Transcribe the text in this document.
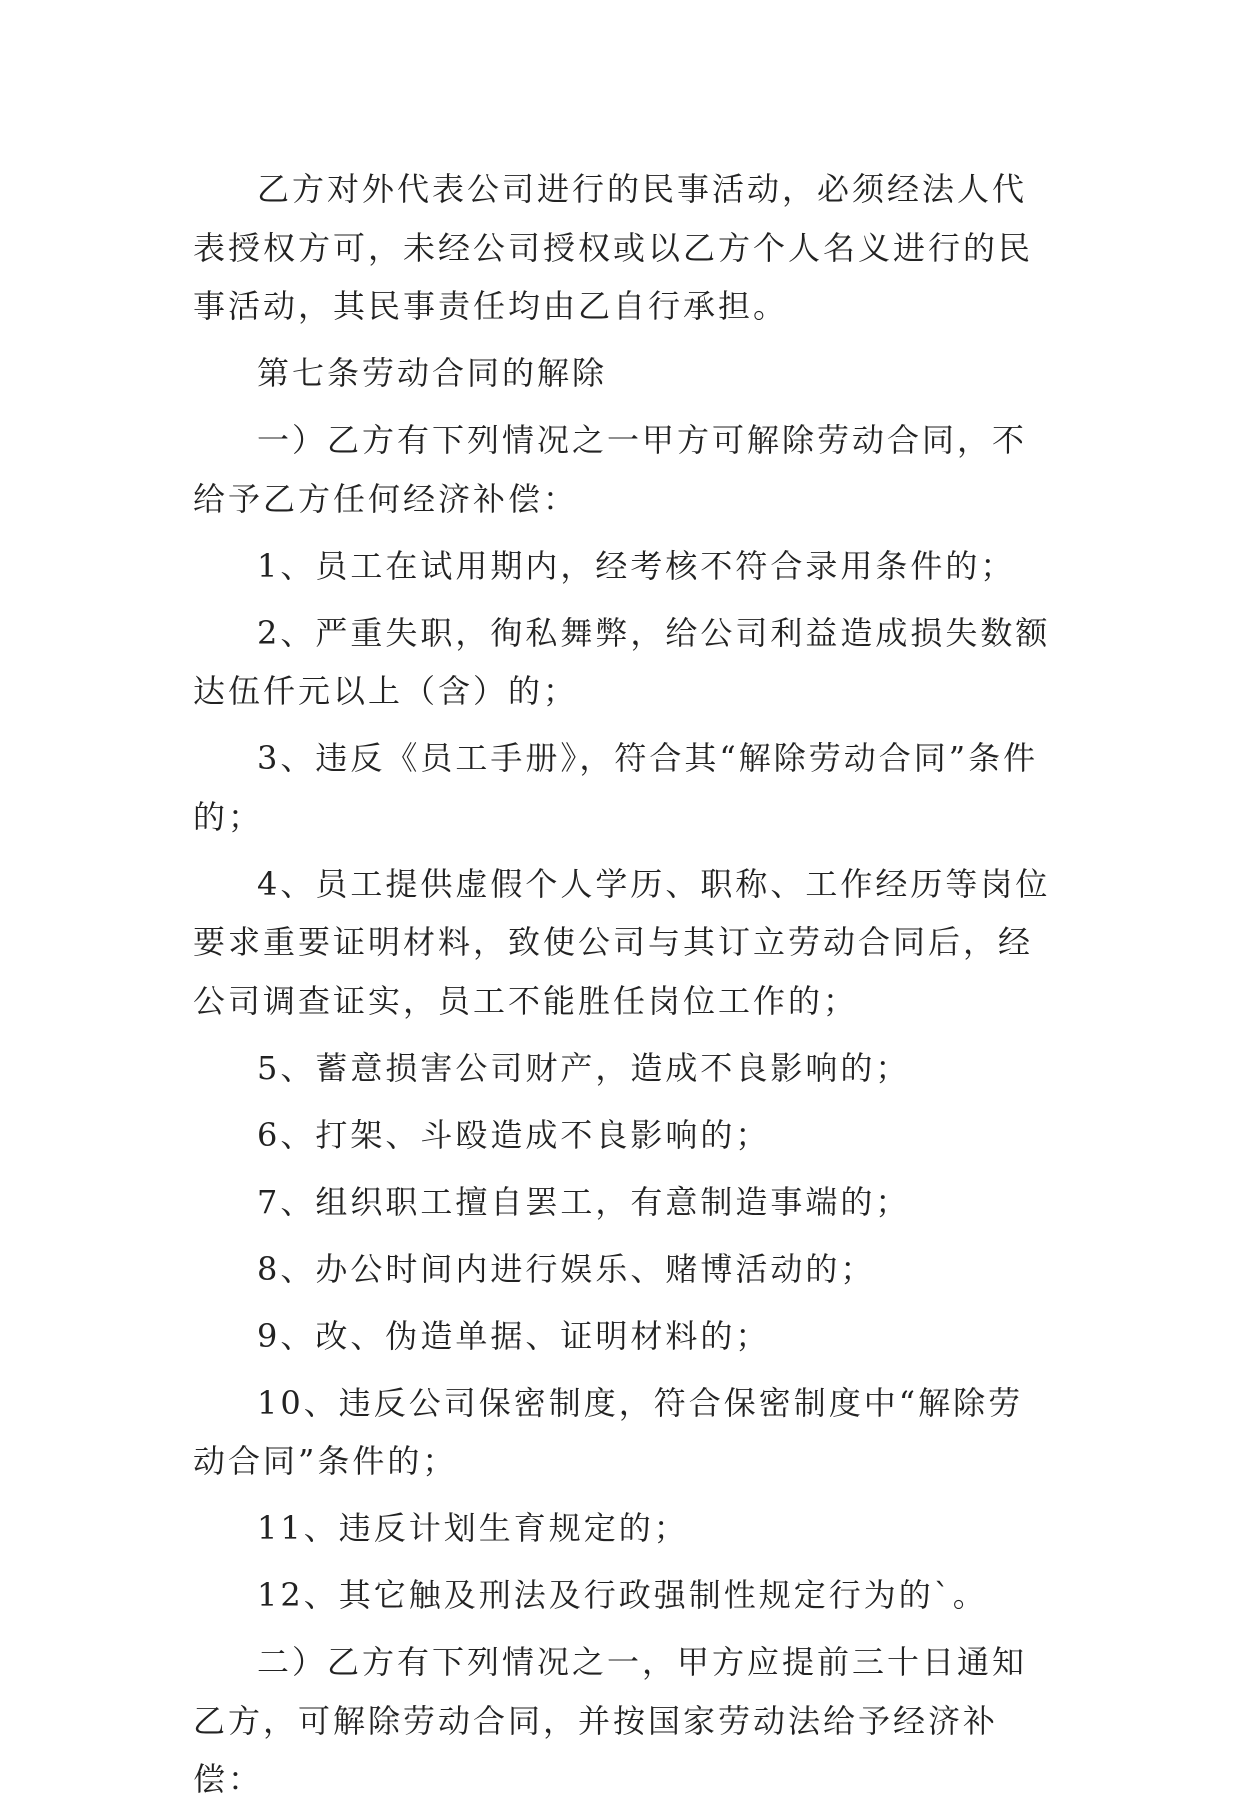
乙方对外代表公司进行的民事活动，必须经法人代表授权方可，未经公司授权或以乙方个人名义进行的民事活动，其民事责任均由乙自行承担。

第七条劳动合同的解除

一）乙方有下列情况之一甲方可解除劳动合同，不给予乙方任何经济补偿：

1、员工在试用期内，经考核不符合录用条件的；

2、严重失职，徇私舞弊，给公司利益造成损失数额达伍仟元以上（含）的；

3、违反《员工手册》，符合其“解除劳动合同”条件的；

4、员工提供虚假个人学历、职称、工作经历等岗位要求重要证明材料，致使公司与其订立劳动合同后，经公司调查证实，员工不能胜任岗位工作的；

5、蓄意损害公司财产，造成不良影响的；

6、打架、斗殴造成不良影响的；

7、组织职工擅自罢工，有意制造事端的；

8、办公时间内进行娱乐、赌博活动的；

9、改、伪造单据、证明材料的；

10、违反公司保密制度，符合保密制度中“解除劳动合同”条件的；

11、违反计划生育规定的；

12、其它触及刑法及行政强制性规定行为的`。

二）乙方有下列情况之一，甲方应提前三十日通知乙方，可解除劳动合同，并按国家劳动法给予经济补偿：
